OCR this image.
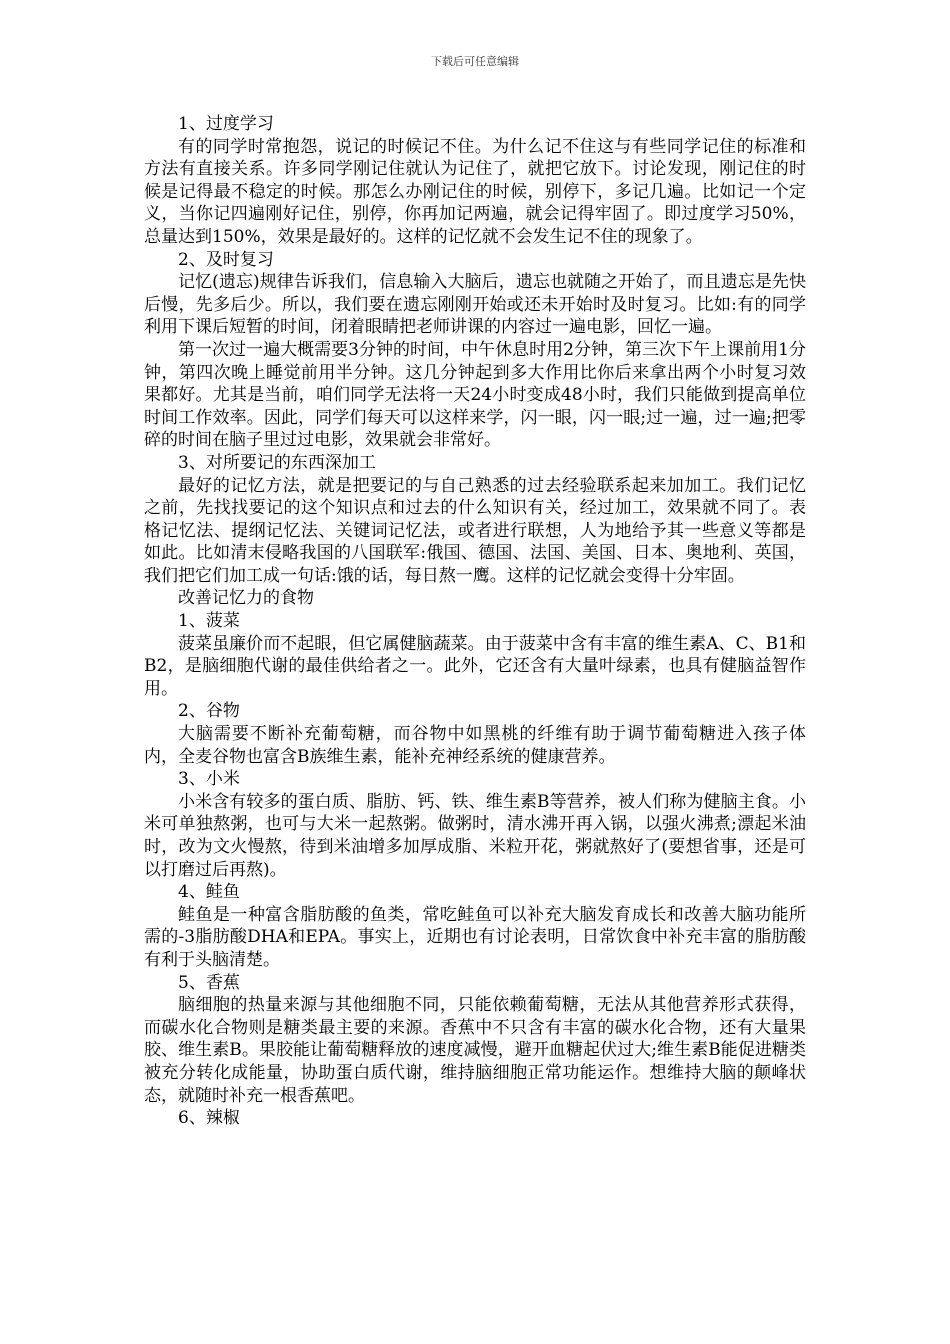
下载后可任意编辑

1、过度学习

有的同学时常抱怨，说记的时候记不住。为什么记不住这与有些同学记住的标准和方法有直接关系。许多同学刚记住就认为记住了，就把它放下。讨论发现，刚记住的时候是记得最不稳定的时候。那怎么办刚记住的时候，别停下，多记几遍。比如记一个定义，当你记四遍刚好记住，别停，你再加记两遍，就会记得牢固了。即过度学习50%，总量达到150%，效果是最好的。这样的记忆就不会发生记不住的现象了。

2、及时复习

记忆(遗忘)规律告诉我们，信息输入大脑后，遗忘也就随之开始了，而且遗忘是先快后慢，先多后少。所以，我们要在遗忘刚刚开始或还未开始时及时复习。比如:有的同学利用下课后短暂的时间，闭着眼睛把老师讲课的内容过一遍电影，回忆一遍。

第一次过一遍大概需要3分钟的时间，中午休息时用2分钟，第三次下午上课前用1分钟，第四次晚上睡觉前用半分钟。这几分钟起到多大作用比你后来拿出两个小时复习效果都好。尤其是当前，咱们同学无法将一天24小时变成48小时，我们只能做到提高单位时间工作效率。因此，同学们每天可以这样来学，闪一眼，闪一眼;过一遍，过一遍;把零碎的时间在脑子里过过电影，效果就会非常好。

3、对所要记的东西深加工

最好的记忆方法，就是把要记的与自己熟悉的过去经验联系起来加加工。我们记忆之前，先找找要记的这个知识点和过去的什么知识有关，经过加工，效果就不同了。表格记忆法、提纲记忆法、关键词记忆法，或者进行联想，人为地给予其一些意义等都是如此。比如清末侵略我国的八国联军:俄国、德国、法国、美国、日本、奥地利、英国，我们把它们加工成一句话:饿的话，每日熬一鹰。这样的记忆就会变得十分牢固。

改善记忆力的食物

1、菠菜

菠菜虽廉价而不起眼，但它属健脑蔬菜。由于菠菜中含有丰富的维生素A、C、B1和B2，是脑细胞代谢的最佳供给者之一。此外，它还含有大量叶绿素，也具有健脑益智作用。

2、谷物

大脑需要不断补充葡萄糖，而谷物中如黑桃的纤维有助于调节葡萄糖进入孩子体内，全麦谷物也富含B族维生素，能补充神经系统的健康营养。

3、小米

小米含有较多的蛋白质、脂肪、钙、铁、维生素B等营养，被人们称为健脑主食。小米可单独熬粥，也可与大米一起熬粥。做粥时，清水沸开再入锅，以强火沸煮;漂起米油时，改为文火慢熬，待到米油增多加厚成脂、米粒开花，粥就熬好了(要想省事，还是可以打磨过后再熬)。

4、鲑鱼

鲑鱼是一种富含脂肪酸的鱼类，常吃鲑鱼可以补充大脑发育成长和改善大脑功能所需的-3脂肪酸DHA和EPA。事实上，近期也有讨论表明，日常饮食中补充丰富的脂肪酸有利于头脑清楚。

5、香蕉

脑细胞的热量来源与其他细胞不同，只能依赖葡萄糖，无法从其他营养形式获得，而碳水化合物则是糖类最主要的来源。香蕉中不只含有丰富的碳水化合物，还有大量果胶、维生素B。果胶能让葡萄糖释放的速度减慢，避开血糖起伏过大;维生素B能促进糖类被充分转化成能量，协助蛋白质代谢，维持脑细胞正常功能运作。想维持大脑的颠峰状态，就随时补充一根香蕉吧。

6、辣椒
